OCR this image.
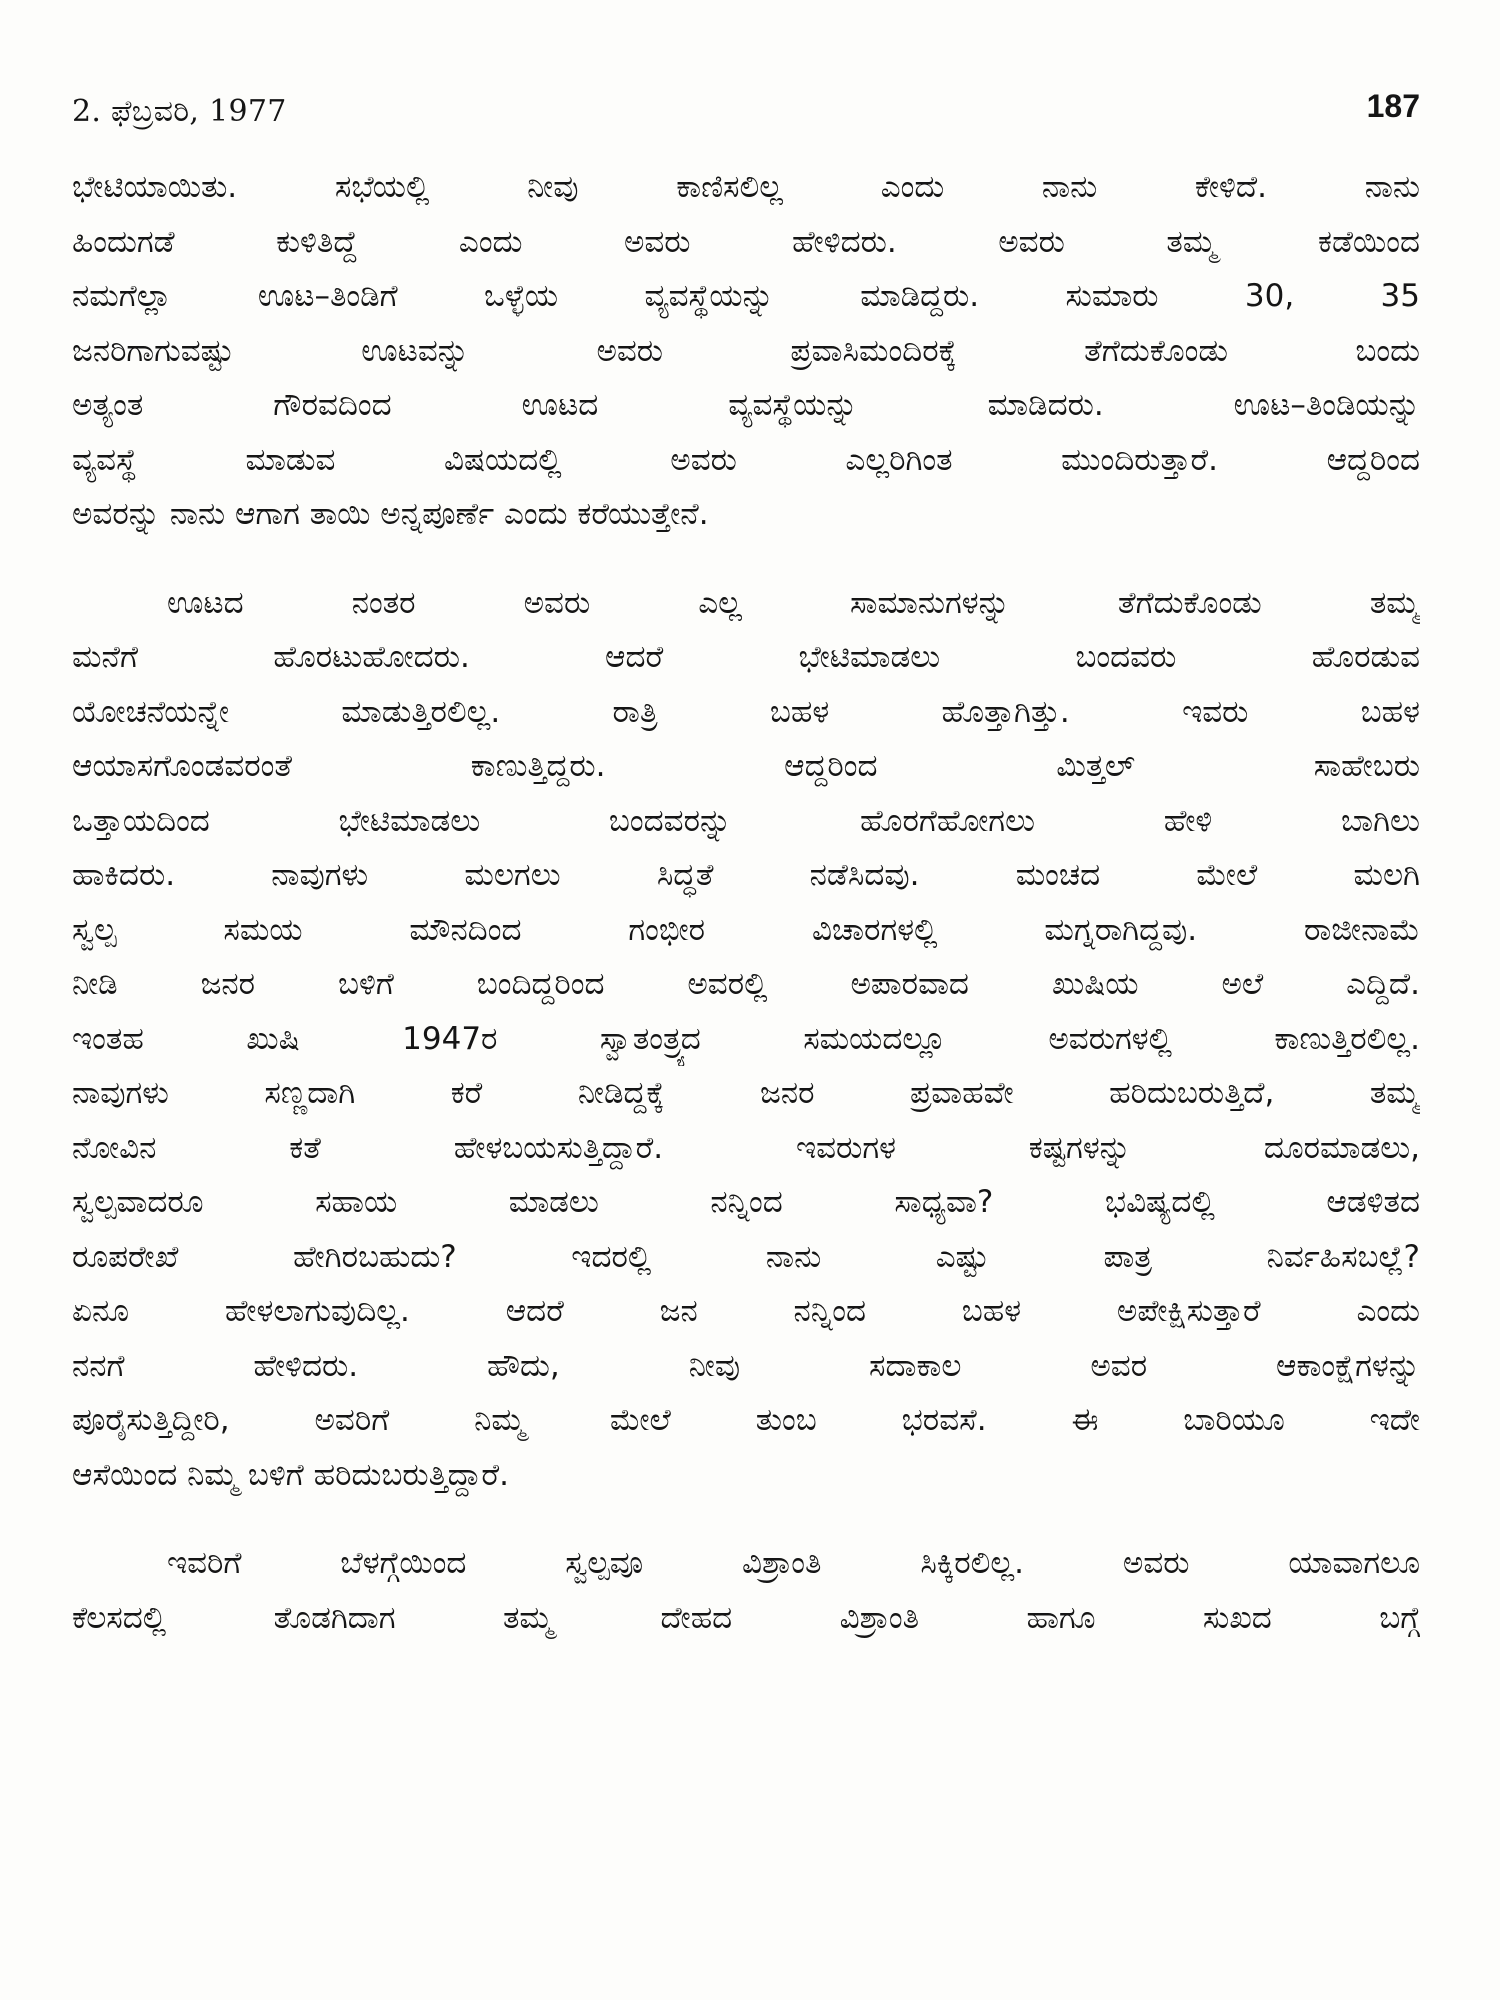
2. ಫೆಬ್ರವರಿ, 1977	187
ಭೇಟಿಯಾಯಿತು. ಸಭೆಯಲ್ಲಿ ನೀವು ಕಾಣಿಸಲಿಲ್ಲ ಎಂದು ನಾನು ಕೇಳಿದೆ. ನಾನು
ಹಿಂದುಗಡೆ ಕುಳಿತಿದ್ದೆ ಎಂದು ಅವರು ಹೇಳಿದರು. ಅವರು ತಮ್ಮ ಕಡೆಯಿಂದ
ನಮಗೆಲ್ಲಾ ಊಟ–ತಿಂಡಿಗೆ ಒಳ್ಳೆಯ ವ್ಯವಸ್ಥೆಯನ್ನು ಮಾಡಿದ್ದರು. ಸುಮಾರು 30, 35
ಜನರಿಗಾಗುವಷ್ಟು ಊಟವನ್ನು ಅವರು ಪ್ರವಾಸಿಮಂದಿರಕ್ಕೆ ತೆಗೆದುಕೊಂಡು ಬಂದು
ಅತ್ಯಂತ ಗೌರವದಿಂದ ಊಟದ ವ್ಯವಸ್ಥೆಯನ್ನು ಮಾಡಿದರು. ಊಟ–ತಿಂಡಿಯನ್ನು
ವ್ಯವಸ್ಥೆ ಮಾಡುವ ವಿಷಯದಲ್ಲಿ ಅವರು ಎಲ್ಲರಿಗಿಂತ ಮುಂದಿರುತ್ತಾರೆ. ಆದ್ದರಿಂದ
ಅವರನ್ನು ನಾನು ಆಗಾಗ ತಾಯಿ ಅನ್ನಪೂರ್ಣೆ ಎಂದು ಕರೆಯುತ್ತೇನೆ.
ಊಟದ ನಂತರ ಅವರು ಎಲ್ಲ ಸಾಮಾನುಗಳನ್ನು ತೆಗೆದುಕೊಂಡು ತಮ್ಮ
ಮನೆಗೆ ಹೊರಟುಹೋದರು. ಆದರೆ ಭೇಟಿಮಾಡಲು ಬಂದವರು ಹೊರಡುವ
ಯೋಚನೆಯನ್ನೇ ಮಾಡುತ್ತಿರಲಿಲ್ಲ. ರಾತ್ರಿ ಬಹಳ ಹೊತ್ತಾಗಿತ್ತು. ಇವರು ಬಹಳ
ಆಯಾಸಗೊಂಡವರಂತೆ ಕಾಣುತ್ತಿದ್ದರು. ಆದ್ದರಿಂದ ಮಿತ್ತಲ್ ಸಾಹೇಬರು
ಒತ್ತಾಯದಿಂದ ಭೇಟಿಮಾಡಲು ಬಂದವರನ್ನು ಹೊರಗೆಹೋಗಲು ಹೇಳಿ ಬಾಗಿಲು
ಹಾಕಿದರು. ನಾವುಗಳು ಮಲಗಲು ಸಿದ್ಧತೆ ನಡೆಸಿದವು. ಮಂಚದ ಮೇಲೆ ಮಲಗಿ
ಸ್ವಲ್ಪ ಸಮಯ ಮೌನದಿಂದ ಗಂಭೀರ ವಿಚಾರಗಳಲ್ಲಿ ಮಗ್ನರಾಗಿದ್ದವು. ರಾಜೀನಾಮೆ
ನೀಡಿ ಜನರ ಬಳಿಗೆ ಬಂದಿದ್ದರಿಂದ ಅವರಲ್ಲಿ ಅಪಾರವಾದ ಖುಷಿಯ ಅಲೆ ಎದ್ದಿದೆ.
ಇಂತಹ ಖುಷಿ 1947ರ ಸ್ವಾತಂತ್ರ್ಯದ ಸಮಯದಲ್ಲೂ ಅವರುಗಳಲ್ಲಿ ಕಾಣುತ್ತಿರಲಿಲ್ಲ.
ನಾವುಗಳು ಸಣ್ಣದಾಗಿ ಕರೆ ನೀಡಿದ್ದಕ್ಕೆ ಜನರ ಪ್ರವಾಹವೇ ಹರಿದುಬರುತ್ತಿದೆ, ತಮ್ಮ
ನೋವಿನ ಕತೆ ಹೇಳಬಯಸುತ್ತಿದ್ದಾರೆ. ಇವರುಗಳ ಕಷ್ಟಗಳನ್ನು ದೂರಮಾಡಲು,
ಸ್ವಲ್ಪವಾದರೂ ಸಹಾಯ ಮಾಡಲು ನನ್ನಿಂದ ಸಾಧ್ಯವಾ? ಭವಿಷ್ಯದಲ್ಲಿ ಆಡಳಿತದ
ರೂಪರೇಖೆ ಹೇಗಿರಬಹುದು? ಇದರಲ್ಲಿ ನಾನು ಎಷ್ಟು ಪಾತ್ರ ನಿರ್ವಹಿಸಬಲ್ಲೆ?
ಏನೂ ಹೇಳಲಾಗುವುದಿಲ್ಲ. ಆದರೆ ಜನ ನನ್ನಿಂದ ಬಹಳ ಅಪೇಕ್ಷಿಸುತ್ತಾರೆ ಎಂದು
ನನಗೆ ಹೇಳಿದರು. ಹೌದು, ನೀವು ಸದಾಕಾಲ ಅವರ ಆಕಾಂಕ್ಷೆಗಳನ್ನು
ಪೂರೈಸುತ್ತಿದ್ದೀರಿ, ಅವರಿಗೆ ನಿಮ್ಮ ಮೇಲೆ ತುಂಬ ಭರವಸೆ. ಈ ಬಾರಿಯೂ ಇದೇ
ಆಸೆಯಿಂದ ನಿಮ್ಮ ಬಳಿಗೆ ಹರಿದುಬರುತ್ತಿದ್ದಾರೆ.
ಇವರಿಗೆ ಬೆಳಗ್ಗೆಯಿಂದ ಸ್ವಲ್ಪವೂ ವಿಶ್ರಾಂತಿ ಸಿಕ್ಕಿರಲಿಲ್ಲ. ಅವರು ಯಾವಾಗಲೂ
ಕೆಲಸದಲ್ಲಿ ತೊಡಗಿದಾಗ ತಮ್ಮ ದೇಹದ ವಿಶ್ರಾಂತಿ ಹಾಗೂ ಸುಖದ ಬಗ್ಗೆ
